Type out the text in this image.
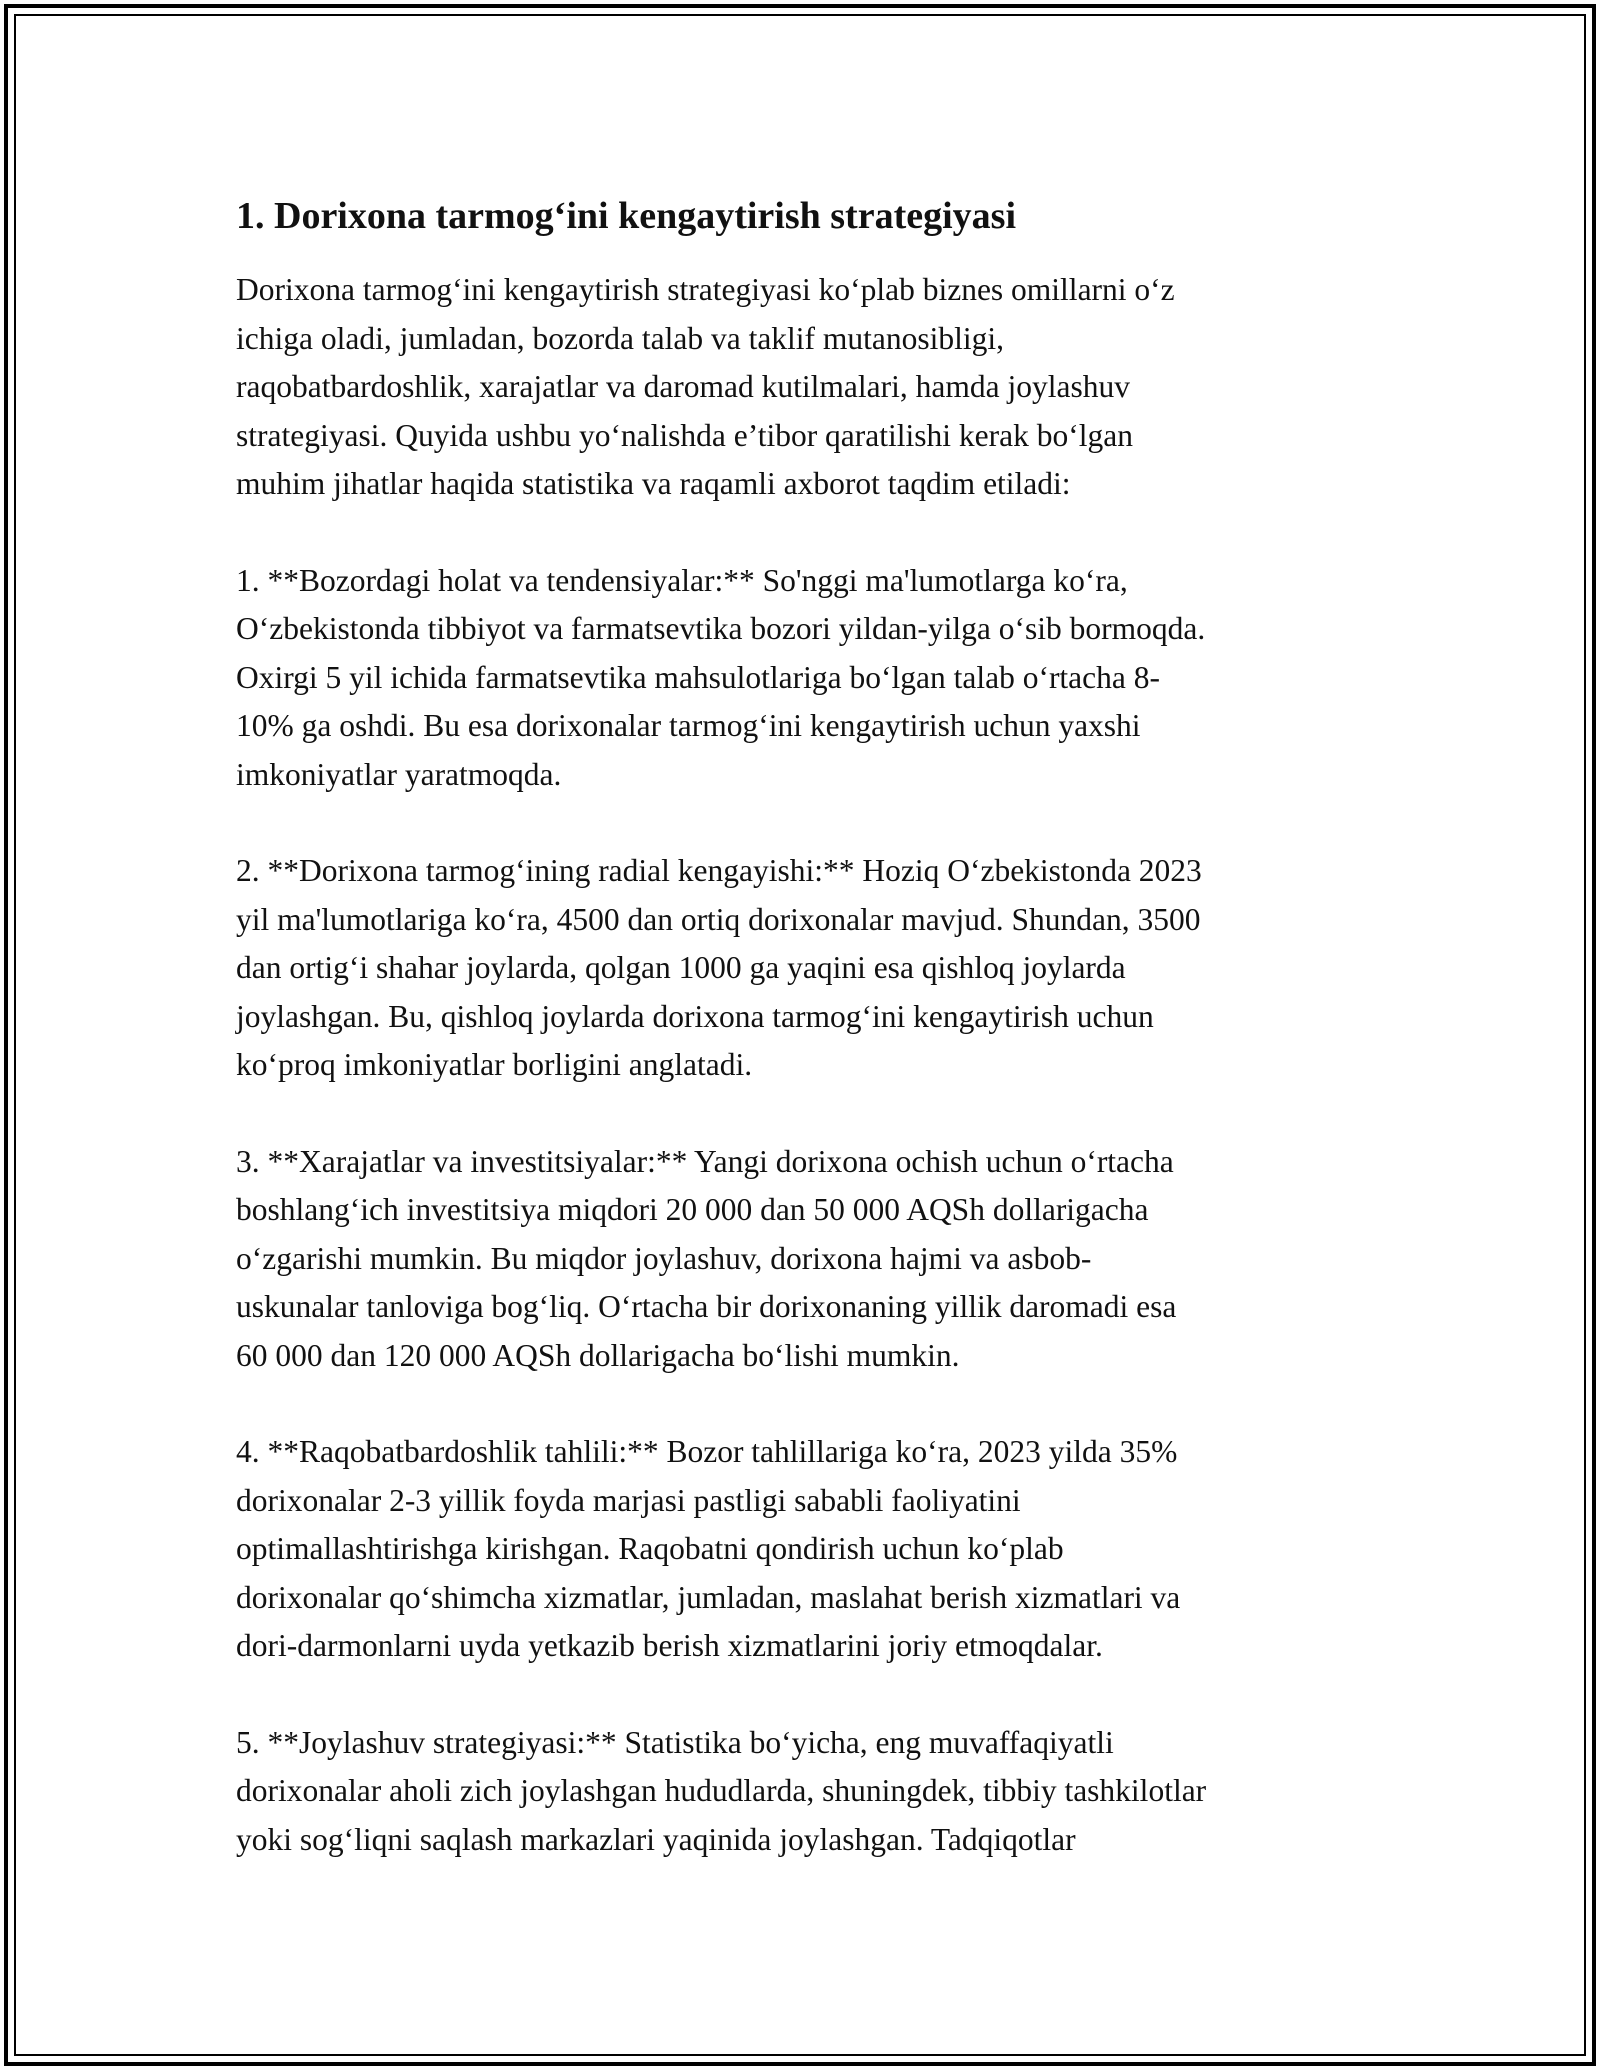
1. Dorixona tarmog‘ini kengaytirish strategiyasi

Dorixona tarmog‘ini kengaytirish strategiyasi ko‘plab biznes omillarni o‘z
ichiga oladi, jumladan, bozorda talab va taklif mutanosibligi,
raqobatbardoshlik, xarajatlar va daromad kutilmalari, hamda joylashuv
strategiyasi. Quyida ushbu yo‘nalishda e’tibor qaratilishi kerak bo‘lgan
muhim jihatlar haqida statistika va raqamli axborot taqdim etiladi:

1. **Bozordagi holat va tendensiyalar:** So'nggi ma'lumotlarga ko‘ra,
O‘zbekistonda tibbiyot va farmatsevtika bozori yildan-yilga o‘sib bormoqda.
Oxirgi 5 yil ichida farmatsevtika mahsulotlariga bo‘lgan talab o‘rtacha 8-
10% ga oshdi. Bu esa dorixonalar tarmog‘ini kengaytirish uchun yaxshi
imkoniyatlar yaratmoqda.

2. **Dorixona tarmog‘ining radial kengayishi:** Hoziq O‘zbekistonda 2023
yil ma'lumotlariga ko‘ra, 4500 dan ortiq dorixonalar mavjud. Shundan, 3500
dan ortig‘i shahar joylarda, qolgan 1000 ga yaqini esa qishloq joylarda
joylashgan. Bu, qishloq joylarda dorixona tarmog‘ini kengaytirish uchun
ko‘proq imkoniyatlar borligini anglatadi.

3. **Xarajatlar va investitsiyalar:** Yangi dorixona ochish uchun o‘rtacha
boshlang‘ich investitsiya miqdori 20 000 dan 50 000 AQSh dollarigacha
o‘zgarishi mumkin. Bu miqdor joylashuv, dorixona hajmi va asbob-
uskunalar tanloviga bog‘liq. O‘rtacha bir dorixonaning yillik daromadi esa
60 000 dan 120 000 AQSh dollarigacha bo‘lishi mumkin.

4. **Raqobatbardoshlik tahlili:** Bozor tahlillariga ko‘ra, 2023 yilda 35%
dorixonalar 2-3 yillik foyda marjasi pastligi sababli faoliyatini
optimallashtirishga kirishgan. Raqobatni qondirish uchun ko‘plab
dorixonalar qo‘shimcha xizmatlar, jumladan, maslahat berish xizmatlari va
dori-darmonlarni uyda yetkazib berish xizmatlarini joriy etmoqdalar.

5. **Joylashuv strategiyasi:** Statistika bo‘yicha, eng muvaffaqiyatli
dorixonalar aholi zich joylashgan hududlarda, shuningdek, tibbiy tashkilotlar
yoki sog‘liqni saqlash markazlari yaqinida joylashgan. Tadqiqotlar
